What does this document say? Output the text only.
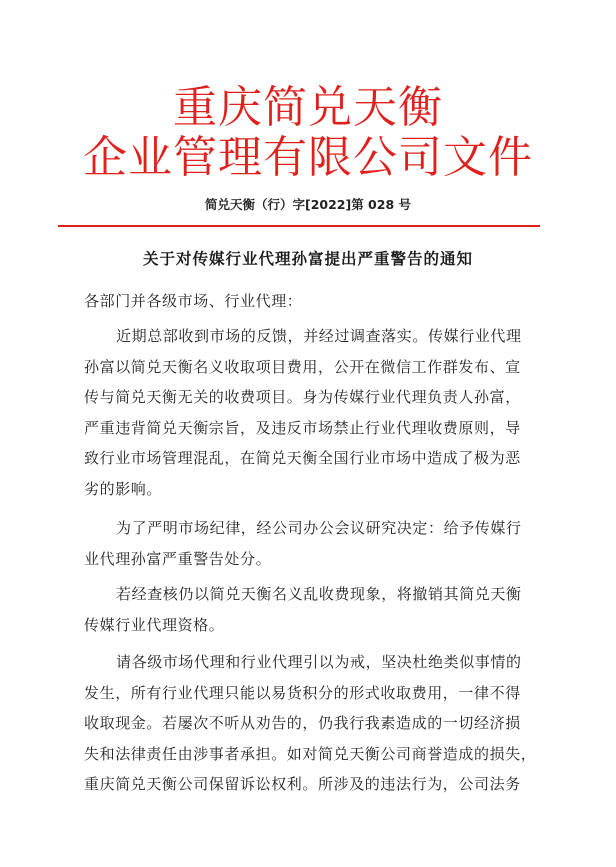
重庆简兑天衡
企业管理有限公司文件
简兑天衡（行）字[2022]第 028 号
关于对传媒行业代理孙富提出严重警告的通知
各部门并各级市场、行业代理：
近期总部收到市场的反馈，并经过调查落实。传媒行业代理
孙富以简兑天衡名义收取项目费用，公开在微信工作群发布、宣
传与简兑天衡无关的收费项目。身为传媒行业代理负责人孙富，
严重违背简兑天衡宗旨，及违反市场禁止行业代理收费原则，导
致行业市场管理混乱，在简兑天衡全国行业市场中造成了极为恶
劣的影响。
为了严明市场纪律，经公司办公会议研究决定：给予传媒行
业代理孙富严重警告处分。
若经查核仍以简兑天衡名义乱收费现象，将撤销其简兑天衡
传媒行业代理资格。
请各级市场代理和行业代理引以为戒，坚决杜绝类似事情的
发生，所有行业代理只能以易货积分的形式收取费用，一律不得
收取现金。若屡次不听从劝告的，仍我行我素造成的一切经济损
失和法律责任由涉事者承担。如对简兑天衡公司商誉造成的损失，
重庆简兑天衡公司保留诉讼权利。所涉及的违法行为，公司法务
